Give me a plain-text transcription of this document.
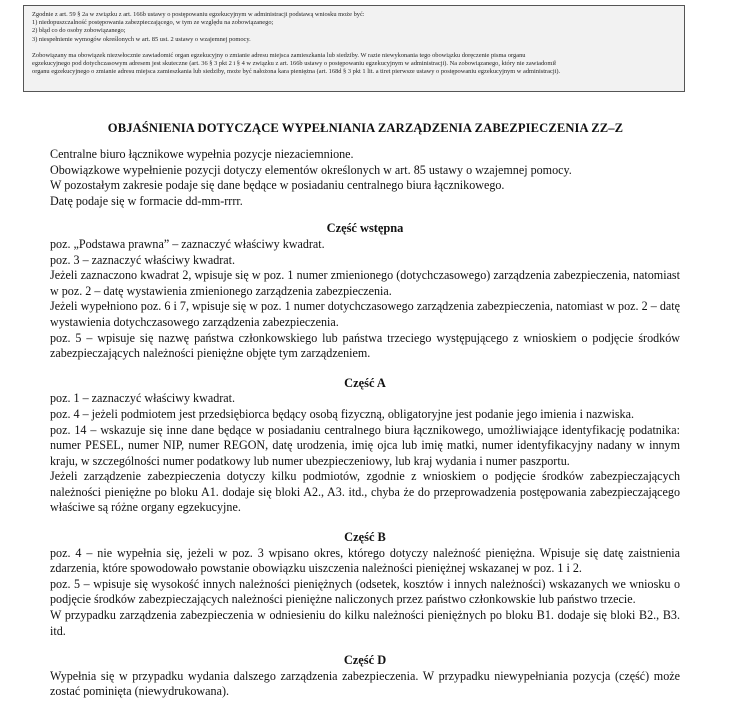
Zgodnie z art. 59 § 2a w związku z art. 166b ustawy o postępowaniu egzekucyjnym w administracji podstawą wniosku może być:

1) niedopuszczalność postępowania zabezpieczającego, w tym ze względu na zobowiązanego;

2) błąd co do osoby zobowiązanego;

3) niespełnienie wymogów określonych w art. 85 ust. 2 ustawy o wzajemnej pomocy.

Zobowiązany ma obowiązek niezwłocznie zawiadomić organ egzekucyjny o zmianie adresu miejsca zamieszkania lub siedziby. W razie niewykonania tego obowiązku doręczenie pisma organu

egzekucyjnego pod dotychczasowym adresem jest skuteczne (art. 36 § 3 pkt 2 i § 4 w związku z art. 166b ustawy o postępowaniu egzekucyjnym w administracji). Na zobowiązanego, który nie zawiadomił

organu egzekucyjnego o zmianie adresu miejsca zamieszkania lub siedziby, może być nałożona kara pieniężna (art. 168d § 3 pkt 1 lit. a tiret pierwsze ustawy o postępowaniu egzekucyjnym w administracji).

OBJAŚNIENIA DOTYCZĄCE WYPEŁNIANIA ZARZĄDZENIA ZABEZPIECZENIA ZZ–Z

Centralne biuro łącznikowe wypełnia pozycje niezaciemnione.

Obowiązkowe wypełnienie pozycji dotyczy elementów określonych w art. 85 ustawy o wzajemnej pomocy.

W pozostałym zakresie podaje się dane będące w posiadaniu centralnego biura łącznikowego.

Datę podaje się w formacie dd-mm-rrrr.

Część wstępna

poz. „Podstawa prawna” – zaznaczyć właściwy kwadrat.

poz. 3 – zaznaczyć właściwy kwadrat.

Jeżeli zaznaczono kwadrat 2, wpisuje się w poz. 1 numer zmienionego (dotychczasowego) zarządzenia zabezpieczenia, natomiast w poz. 2 – datę wystawienia zmienionego zarządzenia zabezpieczenia.

Jeżeli wypełniono poz. 6 i 7, wpisuje się w poz. 1 numer dotychczasowego zarządzenia zabezpieczenia, natomiast w poz. 2 – datę wystawienia dotychczasowego zarządzenia zabezpieczenia.

poz. 5 – wpisuje się nazwę państwa członkowskiego lub państwa trzeciego występującego z wnioskiem o podjęcie środków zabezpieczających należności pieniężne objęte tym zarządzeniem.

Część A

poz. 1 – zaznaczyć właściwy kwadrat.

poz. 4 – jeżeli podmiotem jest przedsiębiorca będący osobą fizyczną, obligatoryjne jest podanie jego imienia i nazwiska.

poz. 14 – wskazuje się inne dane będące w posiadaniu centralnego biura łącznikowego, umożliwiające identyfikację podatnika: numer PESEL, numer NIP, numer REGON, datę urodzenia, imię ojca lub imię matki, numer identyfikacyjny nadany w innym kraju, w szczególności numer podatkowy lub numer ubezpieczeniowy, lub kraj wydania i numer paszportu.

Jeżeli zarządzenie zabezpieczenia dotyczy kilku podmiotów, zgodnie z wnioskiem o podjęcie środków zabezpieczających należności pieniężne po bloku A1. dodaje się bloki A2., A3. itd., chyba że do przeprowadzenia postępowania zabezpieczającego właściwe są różne organy egzekucyjne.

Część B

poz. 4 – nie wypełnia się, jeżeli w poz. 3 wpisano okres, którego dotyczy należność pieniężna. Wpisuje się datę zaistnienia zdarzenia, które spowodowało powstanie obowiązku uiszczenia należności pieniężnej wskazanej w poz. 1 i 2.

poz. 5 – wpisuje się wysokość innych należności pieniężnych (odsetek, kosztów i innych należności) wskazanych we wniosku o podjęcie środków zabezpieczających należności pieniężne naliczonych przez państwo członkowskie lub państwo trzecie.

W przypadku zarządzenia zabezpieczenia w odniesieniu do kilku należności pieniężnych po bloku B1. dodaje się bloki B2., B3. itd.

Część D

Wypełnia się w przypadku wydania dalszego zarządzenia zabezpieczenia. W przypadku niewypełniania pozycja (część) może zostać pominięta (niewydrukowana).
